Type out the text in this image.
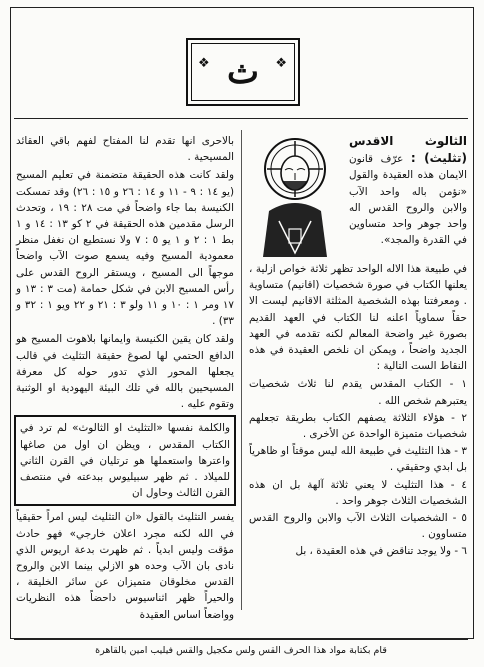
❖ ث ❖

الثالوث الاقدس (تثليث) : عرّف قانون الايمان هذه العقيدة والقول «نؤمن باله واحد الآب والابن والروح القدس اله واحد جوهر واحد متساوين في القدرة والمجد».

في طبيعة هذا الاله الواحد تظهر ثلاثة خواص ازلية ، يعلنها الكتاب في صورة شخصيات (اقانيم) متساوية . ومعرفتنا بهذه الشخصية المثلثة الاقانيم ليست الا حقاً سماوياً اعلنه لنا الكتاب في العهد القديم بصورة غير واضحة المعالم لكنه تقدمه في العهد الجديد واضحاً ، ويمكن ان نلخص العقيدة في هذه النقاط الست التالية :

١ - الكتاب المقدس يقدم لنا ثلاث شخصيات يعتبرهم شخص الله .
٢ - هؤلاء الثلاثة يصفهم الكتاب بطريقة تجعلهم شخصيات متميزة الواحدة عن الأخرى .
٣ - هذا التثليث في طبيعة الله ليس موقتاً او ظاهرياً بل ابدي وحقيقي .
٤ - هذا التثليث لا يعني ثلاثة آلهة بل ان هذه الشخصيات الثلاث جوهر واحد .
٥ - الشخصيات الثلاث الآب والابن والروح القدس متساوون .
٦ - ولا يوجد تناقض في هذه العقيدة ، بل

بالاحرى انها تقدم لنا المفتاح لفهم باقي العقائد المسيحية .

ولقد كانت هذه الحقيقة متضمنة في تعليم المسيح (يو ١٤ : ٩ - ١١ و ١٤ : ٢٦ و ١٥ : ٢٦) وقد تمسكت الكنيسة بما جاء واضحاً في مت ٢٨ : ١٩ ، وتحدث الرسل مقدمين هذه الحقيقة في ٢ كو ١٣ : ١٤ و ١ بط ١ : ٢ و ١ يو ٥ : ٧ ولا نستطيع ان نغفل منظر معمودية المسيح وفيه يسمع صوت الآب واضحاً موجهاً الى المسيح ، ويستقر الروح القدس على رأس المسيح الابن في شكل حمامة (مت ٣ : ١٣ و ١٧ ومر ١ : ١٠ و ١١ ولو ٣ : ٢١ و ٢٢ ويو ١ : ٣٢ و ٣٣) .

ولقد كان يقين الكنيسة وايمانها بلاهوت المسيح هو الدافع الحتمي لها لصوغ حقيقة التثليث في قالب يجعلها المحور الذي تدور حوله كل معرفة المسيحيين بالله في تلك البيئة اليهودية او الوثنية وتقوم عليه .

والكلمة نفسها «التثليث او الثالوث» لم ترد في الكتاب المقدس ، ويظن ان اول من صاغها واعترها واستعملها هو ترتليان في القرن الثاني للميلاد . ثم ظهر سبيليوس ببدعته في منتصف القرن الثالث وحاول ان

يفسر التثليث بالقول «ان التثليث ليس امراً حقيقياً في الله لكنه مجرد اعلان خارجي» فهو حادث مؤقت وليس ابدياً . ثم ظهرت بدعة اريوس الذي نادى بان الآب وحده هو الازلي بينما الابن والروح القدس مخلوقان متميزان عن سائر الخليقة ، والحيراً ظهر اثناسيوس داحضاً هذه النظريات وواضعاً اساس العقيدة

قام بكتابة مواد هذا الحرف القس ولس مكجيل والقس فيليب امين بالقاهرة
